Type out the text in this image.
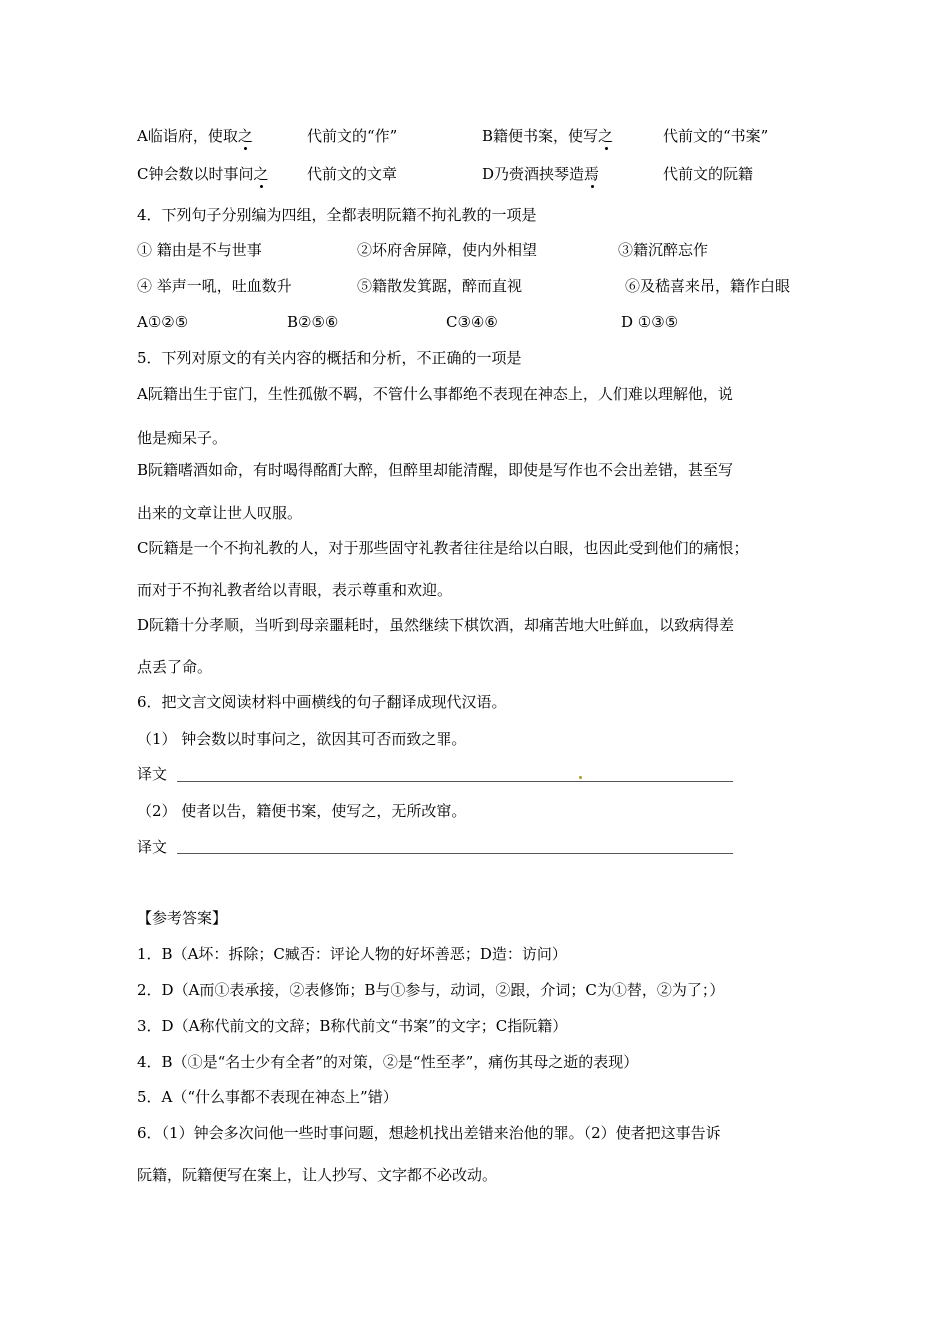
A临诣府，使取之	代前文的“作”	B籍便书案，使写之	代前文的“书案”
C钟会数以时事问之	代前文的文章	D乃赍酒挟琴造焉	代前文的阮籍
4．下列句子分别编为四组，全都表明阮籍不拘礼教的一项是
① 籍由是不与世事	②坏府舍屏障，使内外相望	③籍沉醉忘作
④ 举声一吼，吐血数升	⑤籍散发箕踞，醉而直视	⑥及嵇喜来吊，籍作白眼
A①②⑤	B②⑤⑥	C③④⑥	D ①③⑤
5．下列对原文的有关内容的概括和分析，不正确的一项是
A阮籍出生于宦门，生性孤傲不羁，不管什么事都绝不表现在神态上，人们难以理解他，说
他是痴呆子。
B阮籍嗜酒如命，有时喝得酩酊大醉，但醉里却能清醒，即使是写作也不会出差错，甚至写
出来的文章让世人叹服。
C阮籍是一个不拘礼教的人，对于那些固守礼教者往往是给以白眼，也因此受到他们的痛恨；
而对于不拘礼教者给以青眼，表示尊重和欢迎。
D阮籍十分孝顺，当听到母亲噩耗时，虽然继续下棋饮酒，却痛苦地大吐鲜血，以致病得差
点丢了命。
6．把文言文阅读材料中画横线的句子翻译成现代汉语。
（1） 钟会数以时事问之，欲因其可否而致之罪。
译文
（2） 使者以告，籍便书案，使写之，无所改窜。
译文
【参考答案】
1．B（A坏：拆除；C臧否：评论人物的好坏善恶；D造：访问）
2．D（A而①表承接，②表修饰；B与①参与，动词，②跟，介词；C为①替，②为了；）
3．D（A称代前文的文辞；B称代前文“书案”的文字；C指阮籍）
4．B（①是“名士少有全者”的对策，②是“性至孝”，痛伤其母之逝的表现）
5．A（“什么事都不表现在神态上”错）
6．（1）钟会多次问他一些时事问题，想趁机找出差错来治他的罪。（2）使者把这事告诉
阮籍，阮籍便写在案上，让人抄写、文字都不必改动。
